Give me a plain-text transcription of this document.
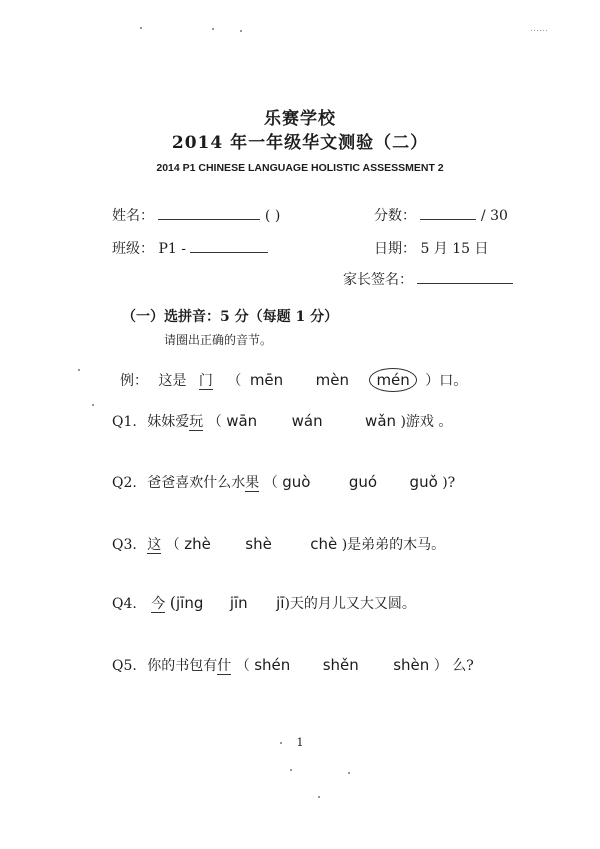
……
乐赛学校
2014 年一年级华文测验（二）
2014 P1 CHINESE LANGUAGE HOLISTIC ASSESSMENT 2
姓名：	( )	分数：	/ 30
班级： P1 -	日期： 5 月 15 日
家长签名：
（一）选拼音：5 分（每题 1 分）
请圈出正确的音节。
例： 这是 门 （ mēn mèn mén ）口。
Q1. 妹妹爱玩 （ wān wán	wǎn )游戏 。
Q2. 爸爸喜欢什么水果 （ guò	guó guǒ )?
Q3. 这 （ zhè shè	chè )是弟弟的木马。
Q4. 今 (jīng jīn jī)天的月儿又大又圆。
Q5. 你的书包有什 （ shén shěn shèn ） 么?
1
